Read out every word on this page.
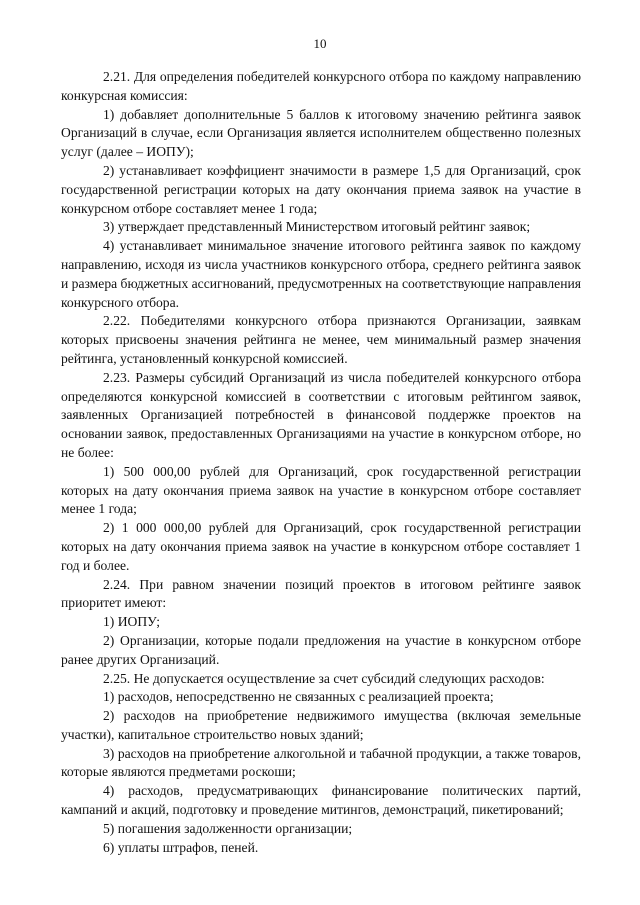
10

2.21. Для определения победителей конкурсного отбора по каждому направлению конкурсная комиссия:

1) добавляет дополнительные 5 баллов к итоговому значению рейтинга заявок Организаций в случае, если Организация является исполнителем общественно полезных услуг (далее – ИОПУ);

2) устанавливает коэффициент значимости в размере 1,5 для Организаций, срок государственной регистрации которых на дату окончания приема заявок на участие в конкурсном отборе составляет менее 1 года;

3) утверждает представленный Министерством итоговый рейтинг заявок;

4) устанавливает минимальное значение итогового рейтинга заявок по каждому направлению, исходя из числа участников конкурсного отбора, среднего рейтинга заявок и размера бюджетных ассигнований, предусмотренных на соответствующие направления конкурсного отбора.

2.22. Победителями конкурсного отбора признаются Организации, заявкам которых присвоены значения рейтинга не менее, чем минимальный размер значения рейтинга, установленный конкурсной комиссией.

2.23. Размеры субсидий Организаций из числа победителей конкурсного отбора определяются конкурсной комиссией в соответствии с итоговым рейтингом заявок, заявленных Организацией потребностей в финансовой поддержке проектов на основании заявок, предоставленных Организациями на участие в конкурсном отборе, но не более:

1) 500 000,00 рублей для Организаций, срок государственной регистрации которых на дату окончания приема заявок на участие в конкурсном отборе составляет менее 1 года;

2) 1 000 000,00 рублей для Организаций, срок государственной регистрации которых на дату окончания приема заявок на участие в конкурсном отборе составляет 1 год и более.

2.24. При равном значении позиций проектов в итоговом рейтинге заявок приоритет имеют:

1) ИОПУ;

2) Организации, которые подали предложения на участие в конкурсном отборе ранее других Организаций.

2.25. Не допускается осуществление за счет субсидий следующих расходов:

1) расходов, непосредственно не связанных с реализацией проекта;

2) расходов на приобретение недвижимого имущества (включая земельные участки), капитальное строительство новых зданий;

3) расходов на приобретение алкогольной и табачной продукции, а также товаров, которые являются предметами роскоши;

4) расходов, предусматривающих финансирование политических партий, кампаний и акций, подготовку и проведение митингов, демонстраций, пикетирований;

5) погашения задолженности организации;

6) уплаты штрафов, пеней.
